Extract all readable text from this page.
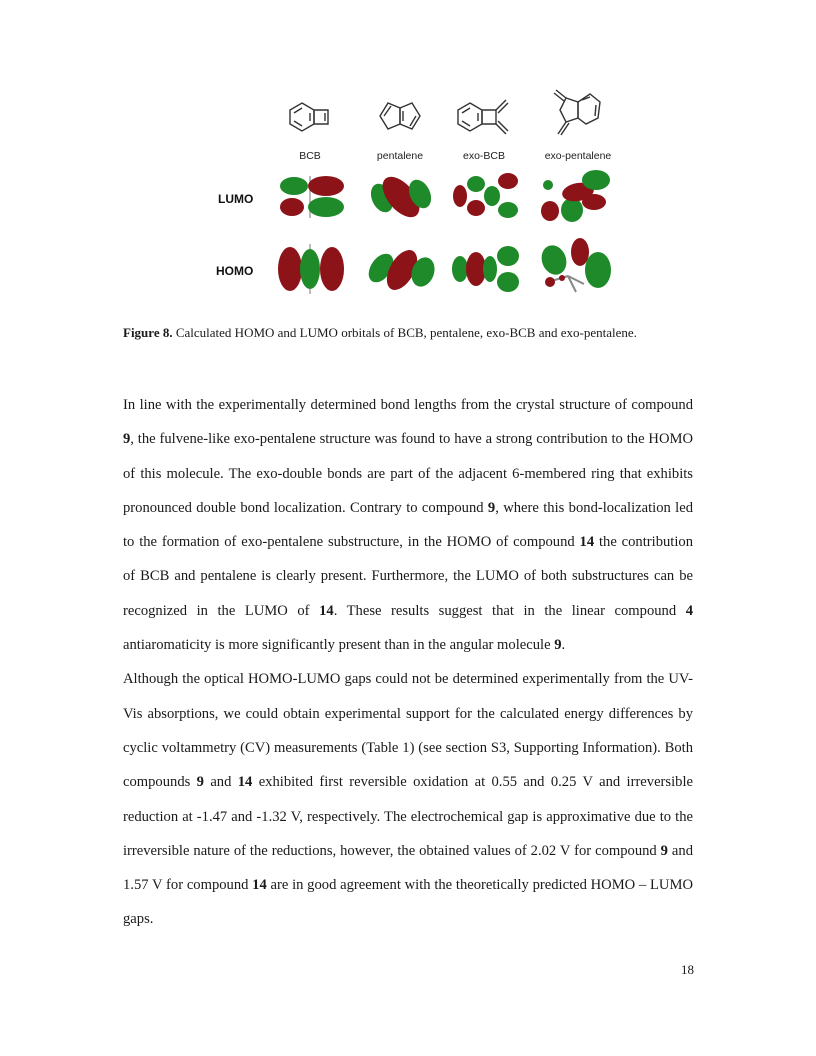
BCB	pentalene	exo-BCB	exo-pentalene
LUMO
HOMO
Figure 8. Calculated HOMO and LUMO orbitals of BCB, pentalene, exo-BCB and exo-pentalene.

In line with the experimentally determined bond lengths from the crystal structure of compound 9, the fulvene-like exo-pentalene structure was found to have a strong contribution to the HOMO of this molecule. The exo-double bonds are part of the adjacent 6-membered ring that exhibits pronounced double bond localization. Contrary to compound 9, where this bond-localization led to the formation of exo-pentalene substructure, in the HOMO of compound 14 the contribution of BCB and pentalene is clearly present. Furthermore, the LUMO of both substructures can be recognized in the LUMO of 14. These results suggest that in the linear compound 4 antiaromaticity is more significantly present than in the angular molecule 9.

Although the optical HOMO-LUMO gaps could not be determined experimentally from the UV-Vis absorptions, we could obtain experimental support for the calculated energy differences by cyclic voltammetry (CV) measurements (Table 1) (see section S3, Supporting Information). Both compounds 9 and 14 exhibited first reversible oxidation at 0.55 and 0.25 V and irreversible reduction at -1.47 and -1.32 V, respectively. The electrochemical gap is approximative due to the irreversible nature of the reductions, however, the obtained values of 2.02 V for compound 9 and 1.57 V for compound 14 are in good agreement with the theoretically predicted HOMO – LUMO gaps.

18
